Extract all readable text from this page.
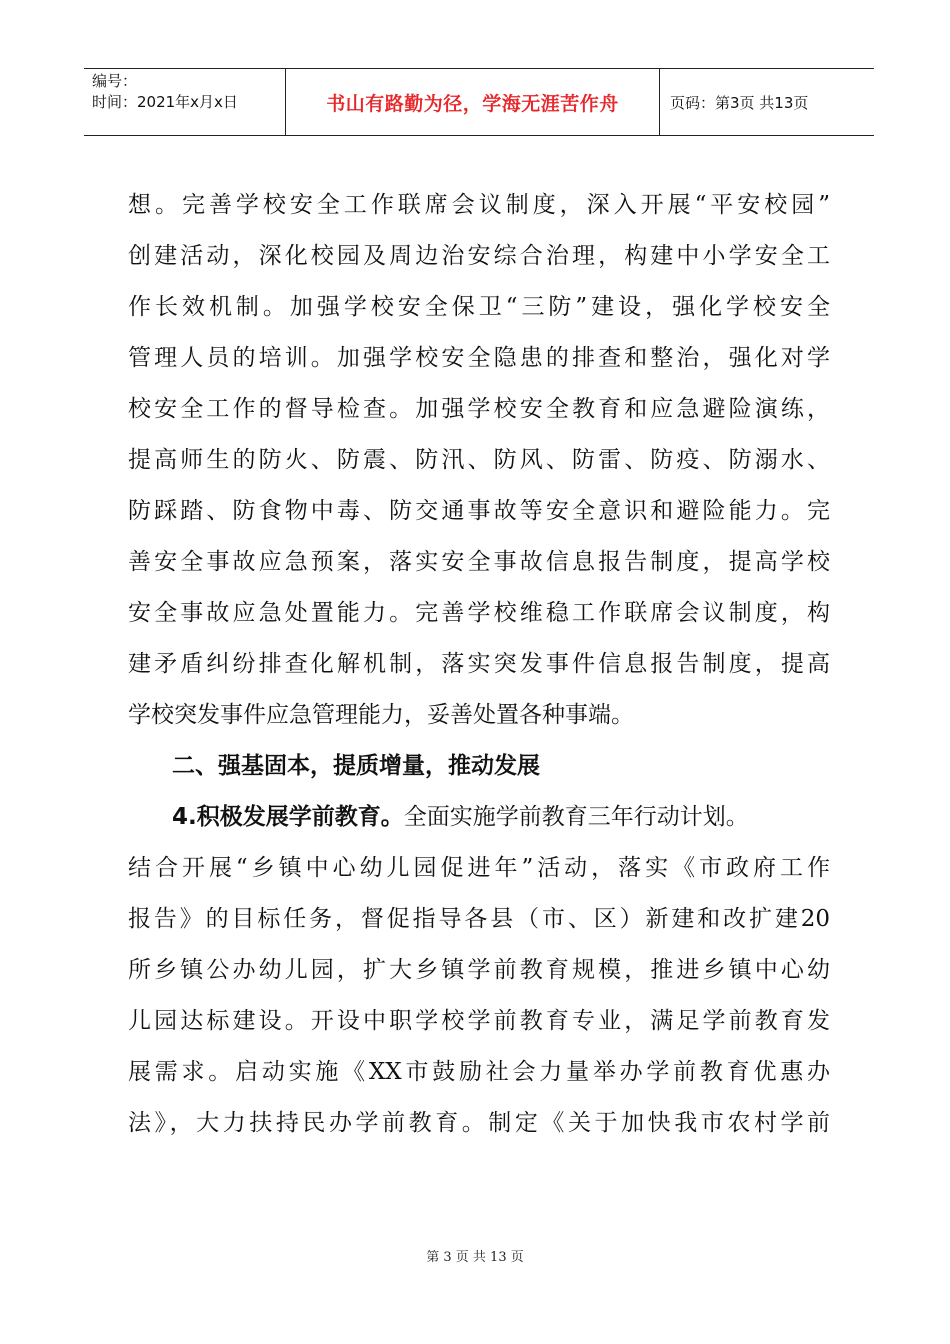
编号：
时间：2021年x月x日	书山有路勤为径，学海无涯苦作舟	页码：第3页 共13页
想。完善学校安全工作联席会议制度，深入开展“平安校园”
创建活动，深化校园及周边治安综合治理，构建中小学安全工
作长效机制。加强学校安全保卫“三防”建设，强化学校安全
管理人员的培训。加强学校安全隐患的排查和整治，强化对学
校安全工作的督导检查。加强学校安全教育和应急避险演练，
提高师生的防火、防震、防汛、防风、防雷、防疫、防溺水、
防踩踏、防食物中毒、防交通事故等安全意识和避险能力。完
善安全事故应急预案，落实安全事故信息报告制度，提高学校
安全事故应急处置能力。完善学校维稳工作联席会议制度，构
建矛盾纠纷排查化解机制，落实突发事件信息报告制度，提高
学校突发事件应急管理能力，妥善处置各种事端。
二、强基固本，提质增量，推动发展
4.积极发展学前教育。全面实施学前教育三年行动计划。
结合开展“乡镇中心幼儿园促进年”活动，落实《市政府工作
报告》的目标任务，督促指导各县（市、区）新建和改扩建20
所乡镇公办幼儿园，扩大乡镇学前教育规模，推进乡镇中心幼
儿园达标建设。开设中职学校学前教育专业，满足学前教育发
展需求。启动实施《XX市鼓励社会力量举办学前教育优惠办
法》，大力扶持民办学前教育。制定《关于加快我市农村学前
第 3 页 共 13 页
